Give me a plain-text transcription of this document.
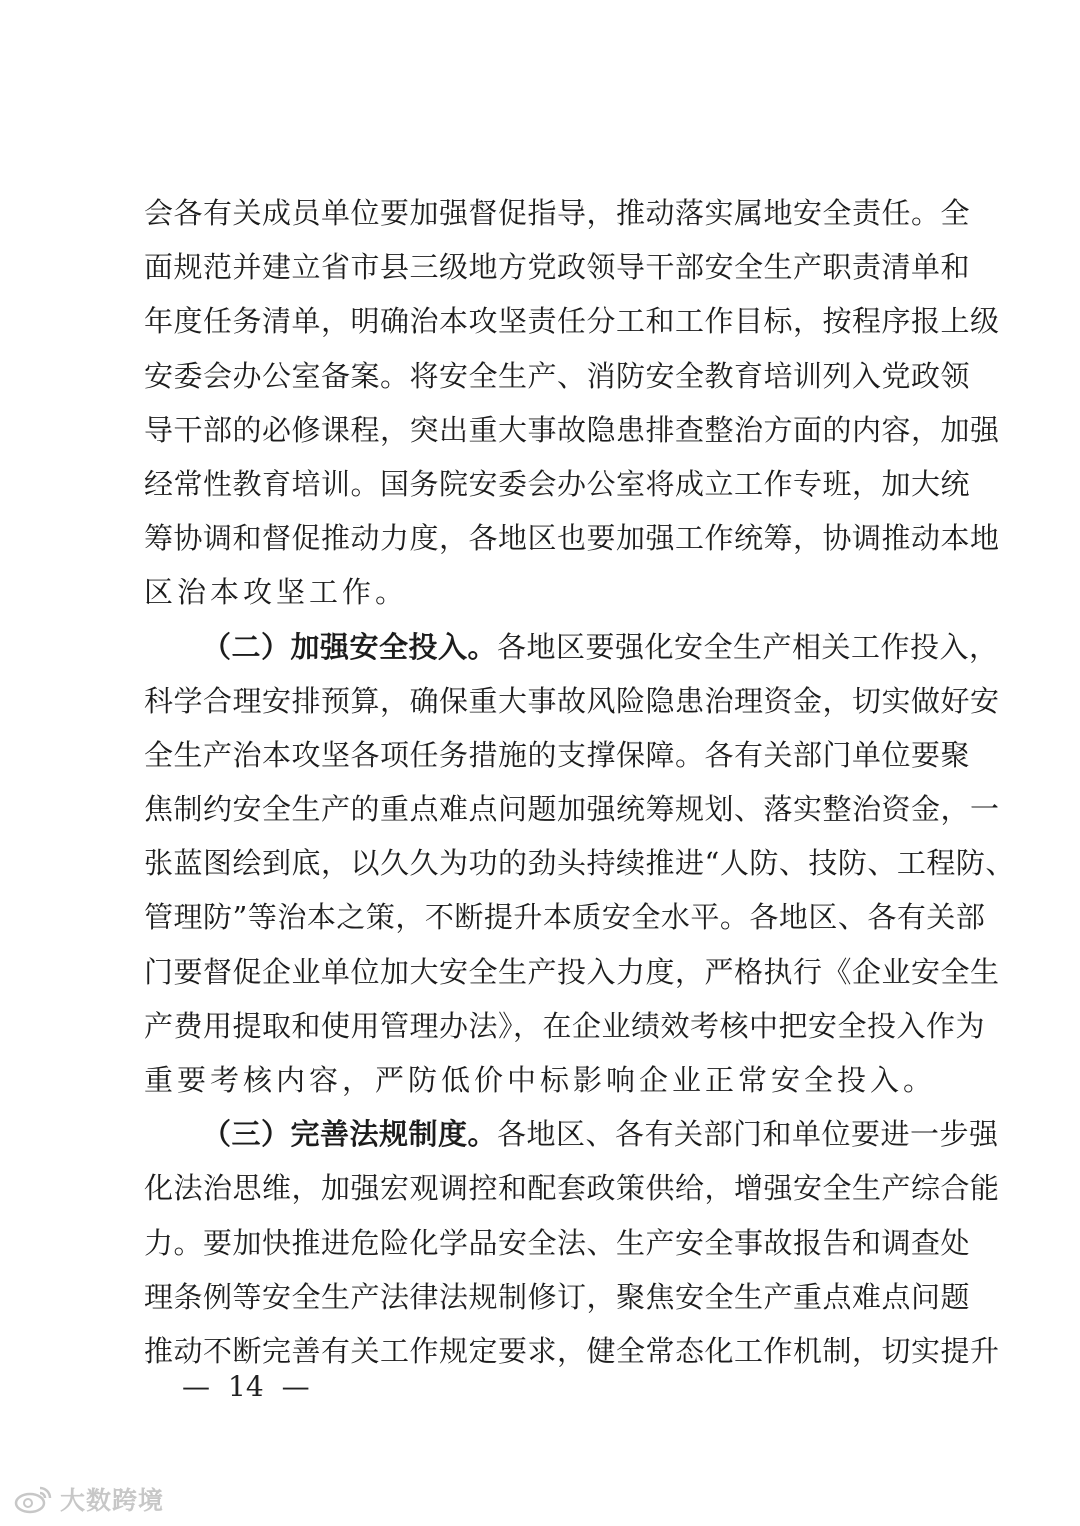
会各有关成员单位要加强督促指导，推动落实属地安全责任。全
面规范并建立省市县三级地方党政领导干部安全生产职责清单和
年度任务清单，明确治本攻坚责任分工和工作目标，按程序报上级
安委会办公室备案。将安全生产、消防安全教育培训列入党政领
导干部的必修课程，突出重大事故隐患排查整治方面的内容，加强
经常性教育培训。国务院安委会办公室将成立工作专班，加大统
筹协调和督促推动力度，各地区也要加强工作统筹，协调推动本地
区治本攻坚工作。
（二）加强安全投入。各地区要强化安全生产相关工作投入，
科学合理安排预算，确保重大事故风险隐患治理资金，切实做好安
全生产治本攻坚各项任务措施的支撑保障。各有关部门单位要聚
焦制约安全生产的重点难点问题加强统筹规划、落实整治资金，一
张蓝图绘到底，以久久为功的劲头持续推进“人防、技防、工程防、
管理防”等治本之策，不断提升本质安全水平。各地区、各有关部
门要督促企业单位加大安全生产投入力度，严格执行《企业安全生
产费用提取和使用管理办法》，在企业绩效考核中把安全投入作为
重要考核内容，严防低价中标影响企业正常安全投入。
（三）完善法规制度。各地区、各有关部门和单位要进一步强
化法治思维，加强宏观调控和配套政策供给，增强安全生产综合能
力。要加快推进危险化学品安全法、生产安全事故报告和调查处
理条例等安全生产法律法规制修订，聚焦安全生产重点难点问题
推动不断完善有关工作规定要求，健全常态化工作机制，切实提升
— 14 —
大数跨境
